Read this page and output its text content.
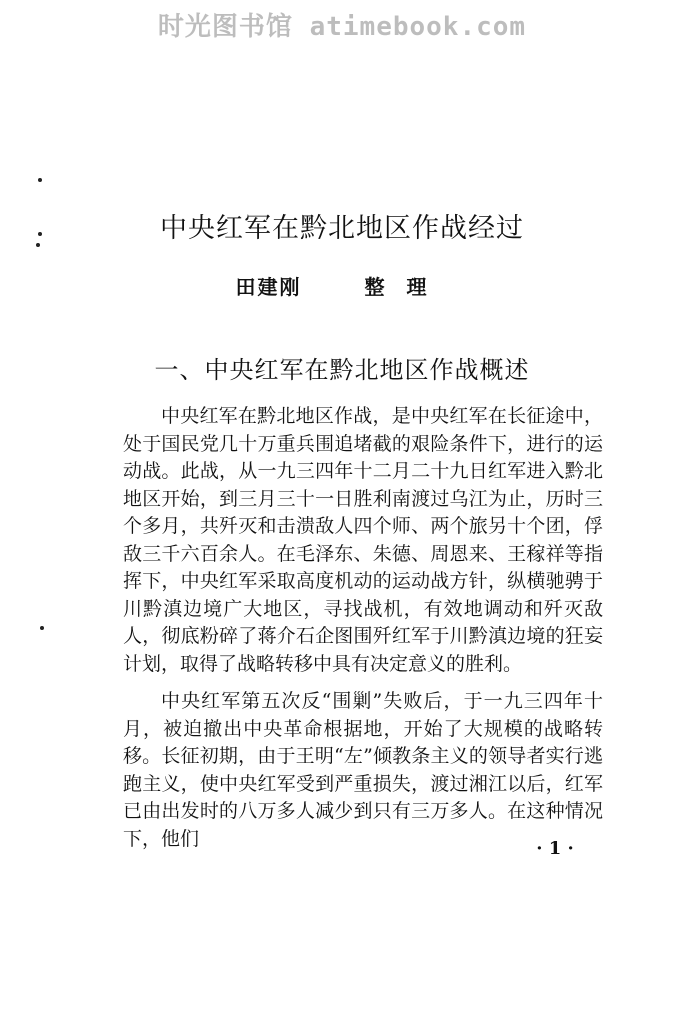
时光图书馆 atimebook.com
中央红军在黔北地区作战经过
田建刚	整理
一、中央红军在黔北地区作战概述

中央红军在黔北地区作战，是中央红军在长征途中，处于国民党几十万重兵围追堵截的艰险条件下，进行的运动战。此战，从一九三四年十二月二十九日红军进入黔北地区开始，到三月三十一日胜利南渡过乌江为止，历时三个多月，共歼灭和击溃敌人四个师、两个旅另十个团，俘敌三千六百余人。在毛泽东、朱德、周恩来、王稼祥等指挥下，中央红军采取高度机动的运动战方针，纵横驰骋于川黔滇边境广大地区，寻找战机，有效地调动和歼灭敌人，彻底粉碎了蒋介石企图围歼红军于川黔滇边境的狂妄计划，取得了战略转移中具有决定意义的胜利。

中央红军第五次反“围剿”失败后，于一九三四年十月，被迫撤出中央革命根据地，开始了大规模的战略转移。长征初期，由于王明“左”倾教条主义的领导者实行逃跑主义，使中央红军受到严重损失，渡过湘江以后，红军已由出发时的八万多人减少到只有三万多人。在这种情况下，他们	· 1 ·
